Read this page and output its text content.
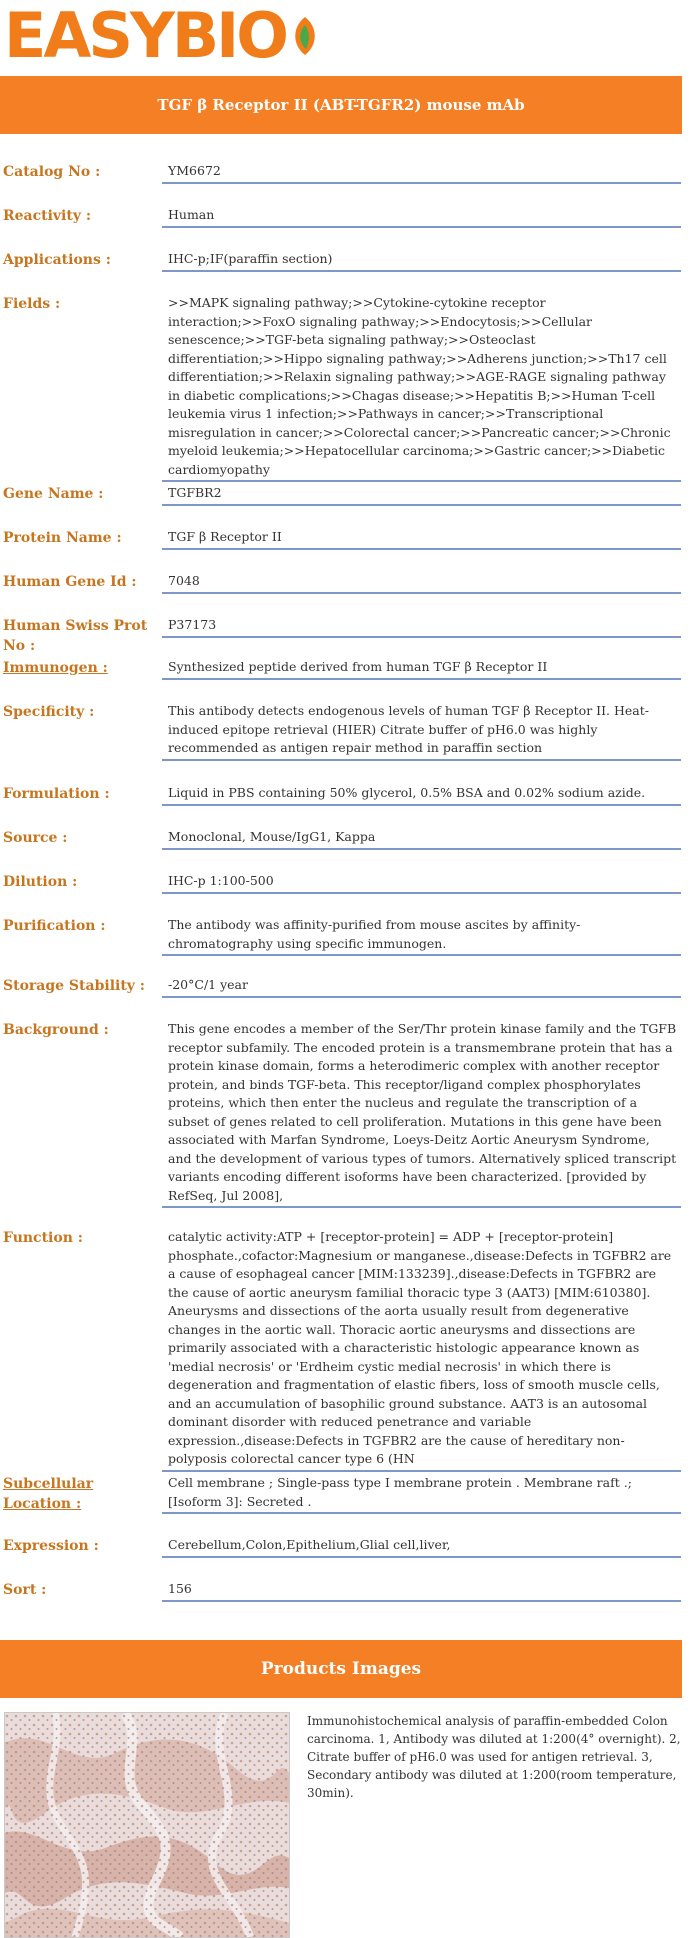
EASYBIO
TGF β Receptor II (ABT-TGFR2) mouse mAb
Catalog No :	YM6672
Reactivity :	Human
Applications :	IHC-p;IF(paraffin section)
Fields :	>>MAPK signaling pathway;>>Cytokine-cytokine receptor interaction;>>FoxO signaling pathway;>>Endocytosis;>>Cellular senescence;>>TGF-beta signaling pathway;>>Osteoclast differentiation;>>Hippo signaling pathway;>>Adherens junction;>>Th17 cell differentiation;>>Relaxin signaling pathway;>>AGE-RAGE signaling pathway in diabetic complications;>>Chagas disease;>>Hepatitis B;>>Human T-cell leukemia virus 1 infection;>>Pathways in cancer;>>Transcriptional misregulation in cancer;>>Colorectal cancer;>>Pancreatic cancer;>>Chronic myeloid leukemia;>>Hepatocellular carcinoma;>>Gastric cancer;>>Diabetic cardiomyopathy
Gene Name :	TGFBR2
Protein Name :	TGF β Receptor II
Human Gene Id :	7048
Human Swiss Prot No :
P37173
Immunogen :	Synthesized peptide derived from human TGF β Receptor II
Specificity :	This antibody detects endogenous levels of human TGF β Receptor II. Heat-induced epitope retrieval (HIER) Citrate buffer of pH6.0 was highly recommended as antigen repair method in paraffin section
Formulation :	Liquid in PBS containing 50% glycerol, 0.5% BSA and 0.02% sodium azide.
Source :	Monoclonal, Mouse/IgG1, Kappa
Dilution :	IHC-p 1:100-500
Purification :	The antibody was affinity-purified from mouse ascites by affinity-chromatography using specific immunogen.
Storage Stability :	-20°C/1 year
Background :	This gene encodes a member of the Ser/Thr protein kinase family and the TGFB receptor subfamily. The encoded protein is a transmembrane protein that has a protein kinase domain, forms a heterodimeric complex with another receptor protein, and binds TGF-beta. This receptor/ligand complex phosphorylates proteins, which then enter the nucleus and regulate the transcription of a subset of genes related to cell proliferation. Mutations in this gene have been associated with Marfan Syndrome, Loeys-Deitz Aortic Aneurysm Syndrome, and the development of various types of tumors. Alternatively spliced transcript variants encoding different isoforms have been characterized. [provided by RefSeq, Jul 2008],
Function :	catalytic activity:ATP + [receptor-protein] = ADP + [receptor-protein] phosphate.,cofactor:Magnesium or manganese.,disease:Defects in TGFBR2 are a cause of esophageal cancer [MIM:133239].,disease:Defects in TGFBR2 are the cause of aortic aneurysm familial thoracic type 3 (AAT3) [MIM:610380]. Aneurysms and dissections of the aorta usually result from degenerative changes in the aortic wall. Thoracic aortic aneurysms and dissections are primarily associated with a characteristic histologic appearance known as 'medial necrosis' or 'Erdheim cystic medial necrosis' in which there is degeneration and fragmentation of elastic fibers, loss of smooth muscle cells, and an accumulation of basophilic ground substance. AAT3 is an autosomal dominant disorder with reduced penetrance and variable expression.,disease:Defects in TGFBR2 are the cause of hereditary non-polyposis colorectal cancer type 6 (HN
Subcellular Location :
Cell membrane ; Single-pass type I membrane protein . Membrane raft .; [Isoform 3]: Secreted .
Expression :	Cerebellum,Colon,Epithelium,Glial cell,liver,
Sort :	156
Products Images
Immunohistochemical analysis of paraffin-embedded Colon carcinoma. 1, Antibody was diluted at 1:200(4° overnight). 2, Citrate buffer of pH6.0 was used for antigen retrieval. 3, Secondary antibody was diluted at 1:200(room temperature, 30min).
